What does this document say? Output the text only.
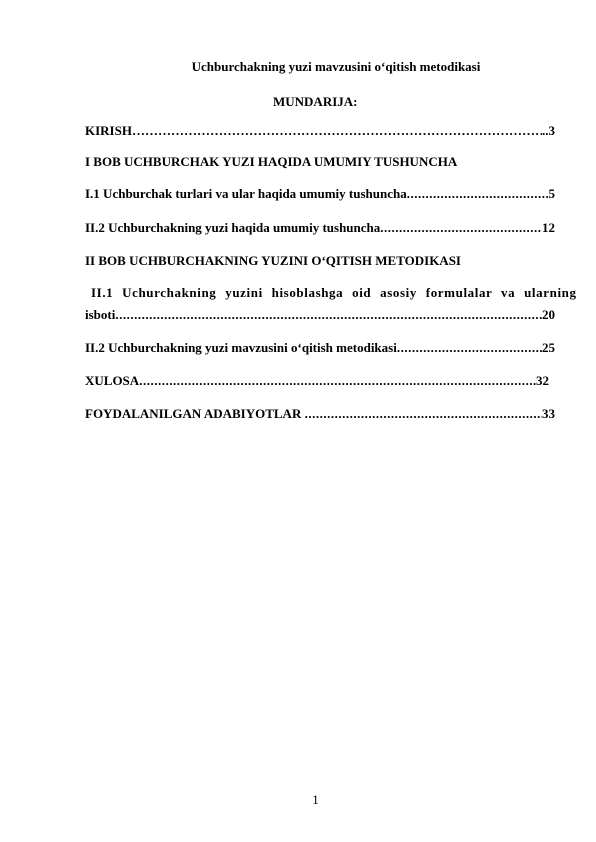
Uchburchakning yuzi mavzusini o‘qitish metodikasi
MUNDARIJA:
KIRISH …………………………………………………………………………………………………………………………………………………………………	.. 3
I BOB UCHBURCHAK YUZI HAQIDA UMUMIY TUSHUNCHA
I.1 Uchburchak turlari va ular haqida umumiy tushuncha .....	5
II.2 Uchburchakning yuzi haqida umumiy tushuncha .....	12
II BOB UCHBURCHAKNING YUZINI O‘QITISH METODIKASI
II.1 Uchurchakning yuzini hisoblashga oid asosiy formulalar va ularning
isboti .....	20
II.2 Uchburchakning yuzi mavzusini o‘qitish metodikasi .....	25
XULOSA .....	32
FOYDALANILGAN ADABIYOTLAR .....	33
1
